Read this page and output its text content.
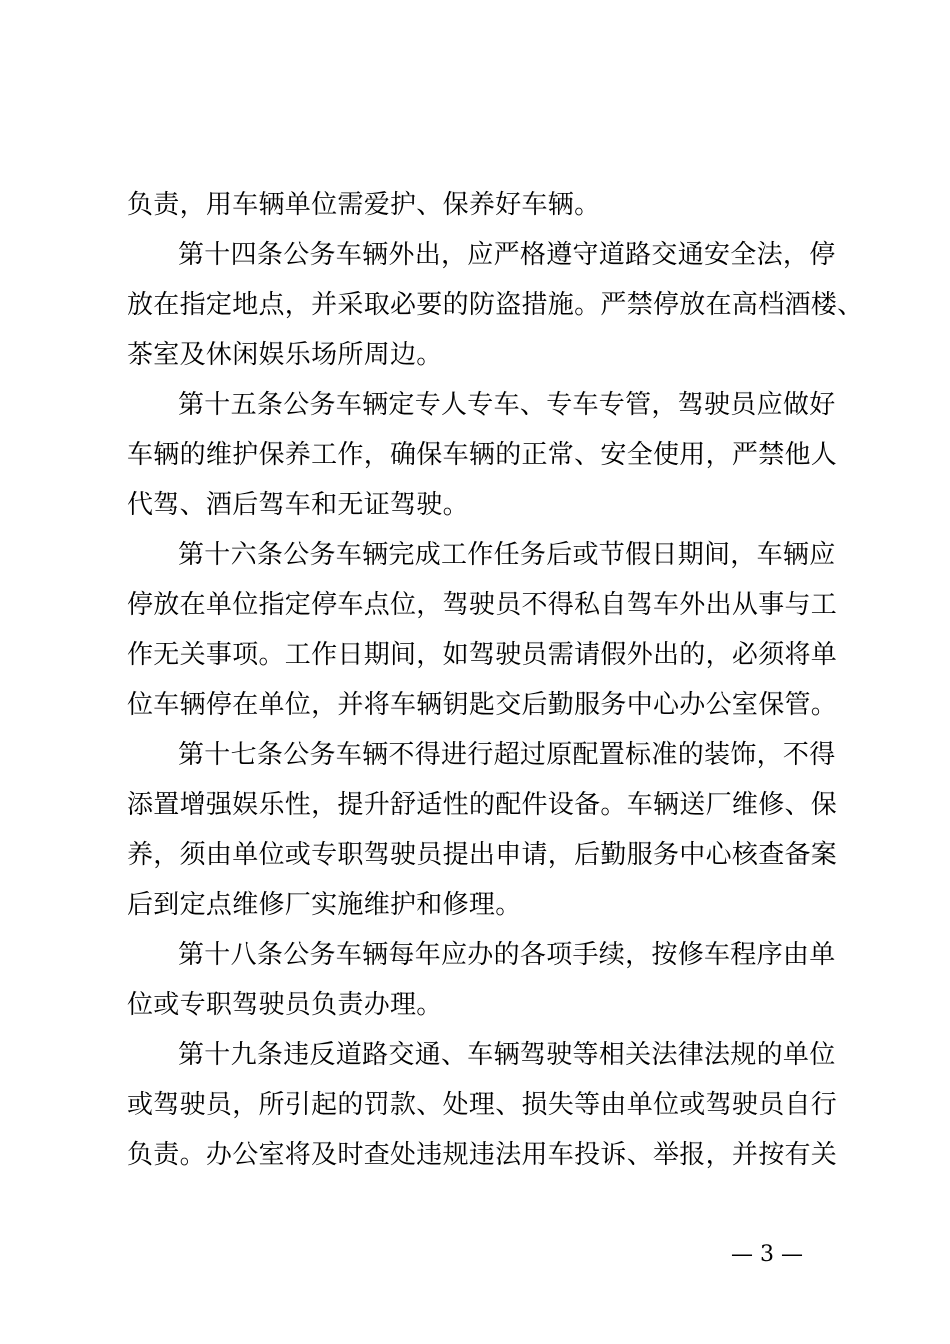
负责，用车辆单位需爱护、保养好车辆。
第十四条公务车辆外出，应严格遵守道路交通安全法，停
放在指定地点，并采取必要的防盗措施。严禁停放在高档酒楼、
茶室及休闲娱乐场所周边。
第十五条公务车辆定专人专车、专车专管，驾驶员应做好
车辆的维护保养工作，确保车辆的正常、安全使用，严禁他人
代驾、酒后驾车和无证驾驶。
第十六条公务车辆完成工作任务后或节假日期间，车辆应
停放在单位指定停车点位，驾驶员不得私自驾车外出从事与工
作无关事项。工作日期间，如驾驶员需请假外出的，必须将单
位车辆停在单位，并将车辆钥匙交后勤服务中心办公室保管。
第十七条公务车辆不得进行超过原配置标准的装饰，不得
添置增强娱乐性，提升舒适性的配件设备。车辆送厂维修、保
养，须由单位或专职驾驶员提出申请，后勤服务中心核查备案
后到定点维修厂实施维护和修理。
第十八条公务车辆每年应办的各项手续，按修车程序由单
位或专职驾驶员负责办理。
第十九条违反道路交通、车辆驾驶等相关法律法规的单位
或驾驶员，所引起的罚款、处理、损失等由单位或驾驶员自行
负责。办公室将及时查处违规违法用车投诉、举报，并按有关
— 3 —
